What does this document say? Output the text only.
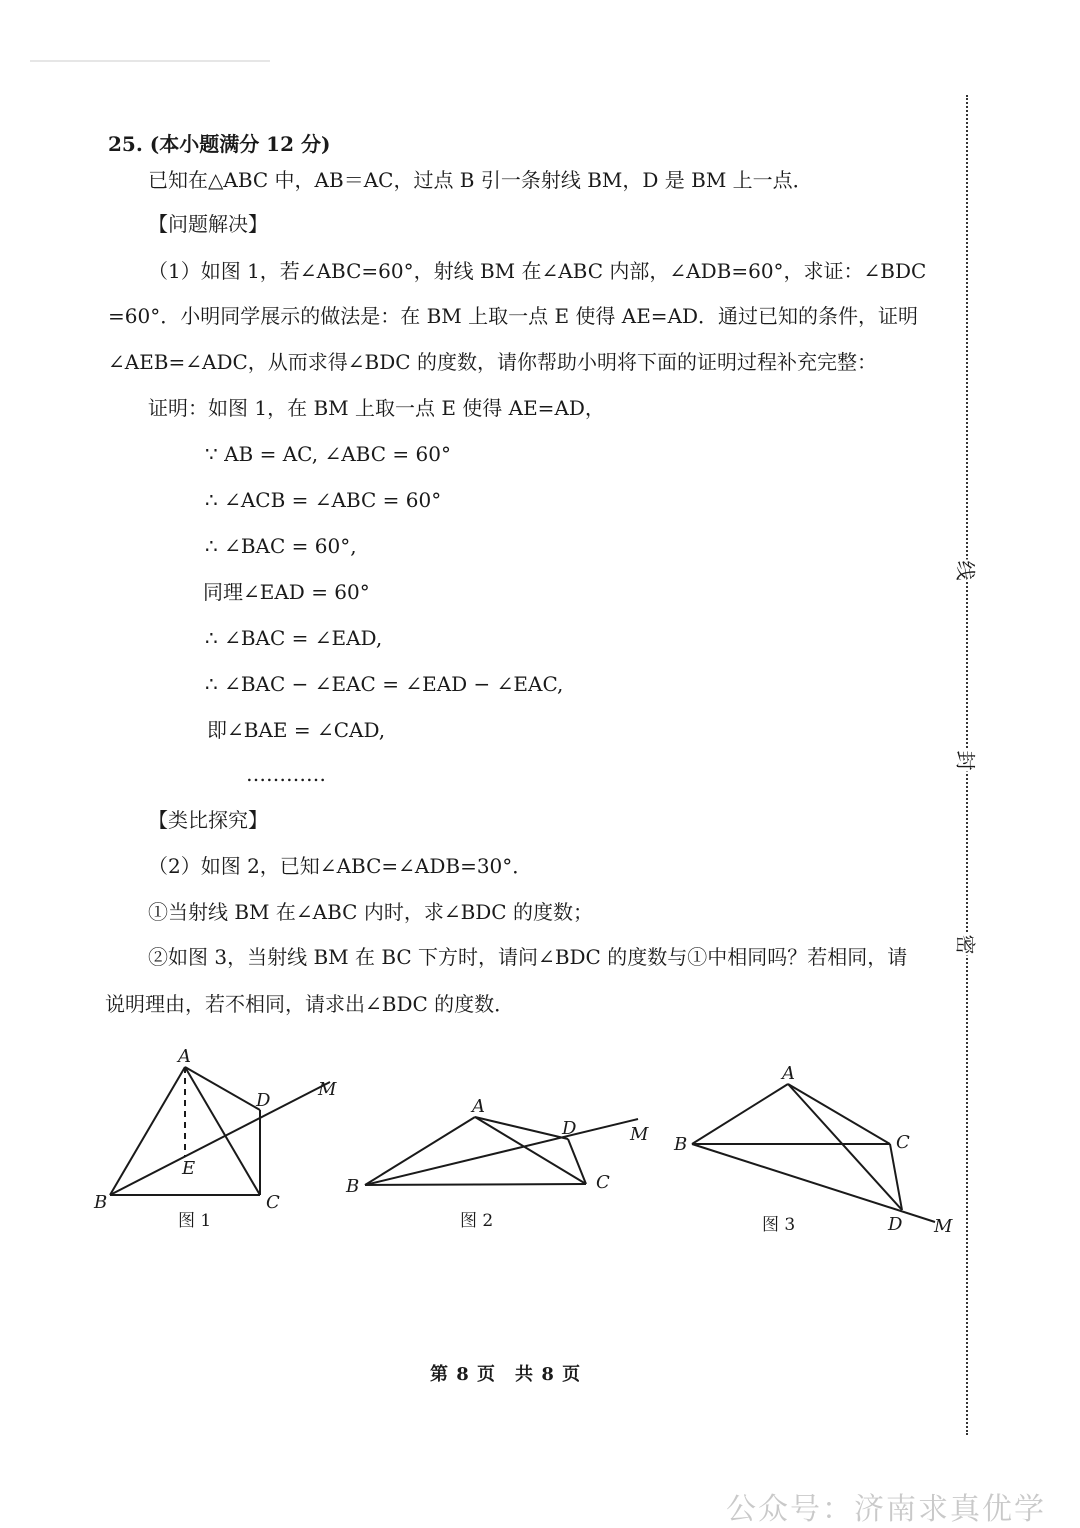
25. (本小题满分 12 分)
已知在△ABC 中，AB＝AC，过点 B 引一条射线 BM，D 是 BM 上一点．
【问题解决】
（1）如图 1，若∠ABC=60°，射线 BM 在∠ABC 内部，∠ADB=60°，求证：∠BDC
=60°．小明同学展示的做法是：在 BM 上取一点 E 使得 AE=AD．通过已知的条件，证明
∠AEB=∠ADC，从而求得∠BDC 的度数，请你帮助小明将下面的证明过程补充完整：
证明：如图 1，在 BM 上取一点 E 使得 AE=AD，
∵ AB = AC, ∠ABC = 60°
∴ ∠ACB = ∠ABC = 60°
∴ ∠BAC = 60°,
同理∠EAD = 60°
∴ ∠BAC = ∠EAD,
∴ ∠BAC − ∠EAC = ∠EAD − ∠EAC,
即∠BAE = ∠CAD,
…………
【类比探究】
（2）如图 2，已知∠ABC=∠ADB=30°．
①当射线 BM 在∠ABC 内时，求∠BDC 的度数；
②如图 3，当射线 BM 在 BC 下方时，请问∠BDC 的度数与①中相同吗？若相同，请
说明理由，若不相同，请求出∠BDC 的度数．
A
B	C
D
E
M
图 1
A
B	C
D	M
图 2
A
B	C
D M
图 3
线
封
密
第 8 页　共 8 页
公众号：济南求真优学
